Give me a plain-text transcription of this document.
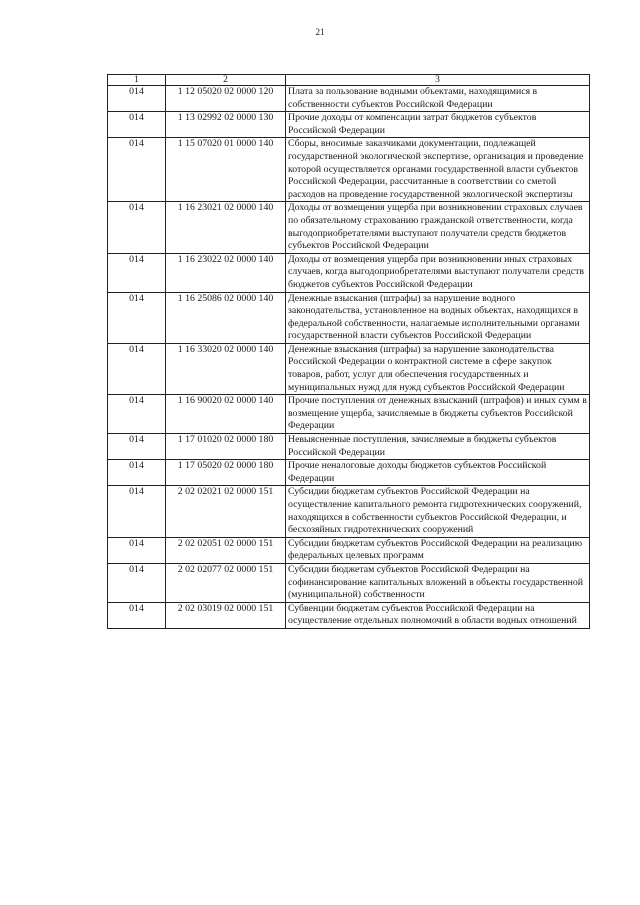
21
1	2	3
014	1 12 05020 02 0000 120	Плата за пользование водными объектами, находящимися в собственности субъектов Российской Федерации
014	1 13 02992 02 0000 130	Прочие доходы от компенсации затрат бюджетов субъектов Российской Федерации
014	1 15 07020 01 0000 140	Сборы, вносимые заказчиками документации, подлежащей государственной экологической экспертизе, организация и проведение которой осуществляется органами государственной власти субъектов Российской Федерации, рассчитанные в соответствии со сметой расходов на проведение государственной экологической экспертизы
014	1 16 23021 02 0000 140	Доходы от возмещения ущерба при возникновении страховых случаев по обязательному страхованию гражданской ответственности, когда выгодоприобретателями выступают получатели средств бюджетов субъектов Российской Федерации
014	1 16 23022 02 0000 140	Доходы от возмещения ущерба при возникновении иных страховых случаев, когда выгодоприобретателями выступают получатели средств бюджетов субъектов Российской Федерации
014	1 16 25086 02 0000 140	Денежные взыскания (штрафы) за нарушение водного законодательства, установленное на водных объектах, находящихся в федеральной собственности, налагаемые исполнительными органами государственной власти субъектов Российской Федерации
014	1 16 33020 02 0000 140	Денежные взыскания (штрафы) за нарушение законодательства Российской Федерации о контрактной системе в сфере закупок товаров, работ, услуг для обеспечения государственных и муниципальных нужд для нужд субъектов Российской Федерации
014	1 16 90020 02 0000 140	Прочие поступления от денежных взысканий (штрафов) и иных сумм в возмещение ущерба, зачисляемые в бюджеты субъектов Российской Федерации
014	1 17 01020 02 0000 180	Невыясненные поступления, зачисляемые в бюджеты субъектов Российской Федерации
014	1 17 05020 02 0000 180	Прочие неналоговые доходы бюджетов субъектов Российской Федерации
014	2 02 02021 02 0000 151	Субсидии бюджетам субъектов Российской Федерации на осуществление капитального ремонта гидротехнических сооружений, находящихся в собственности субъектов Российской Федерации, и бесхозяйных гидротехнических сооружений
014	2 02 02051 02 0000 151	Субсидии бюджетам субъектов Российской Федерации на реализацию федеральных целевых программ
014	2 02 02077 02 0000 151	Субсидии бюджетам субъектов Российской Федерации на софинансирование капитальных вложений в объекты государственной (муниципальной) собственности
014	2 02 03019 02 0000 151	Субвенции бюджетам субъектов Российской Федерации на осуществление отдельных полномочий в области водных отношений
